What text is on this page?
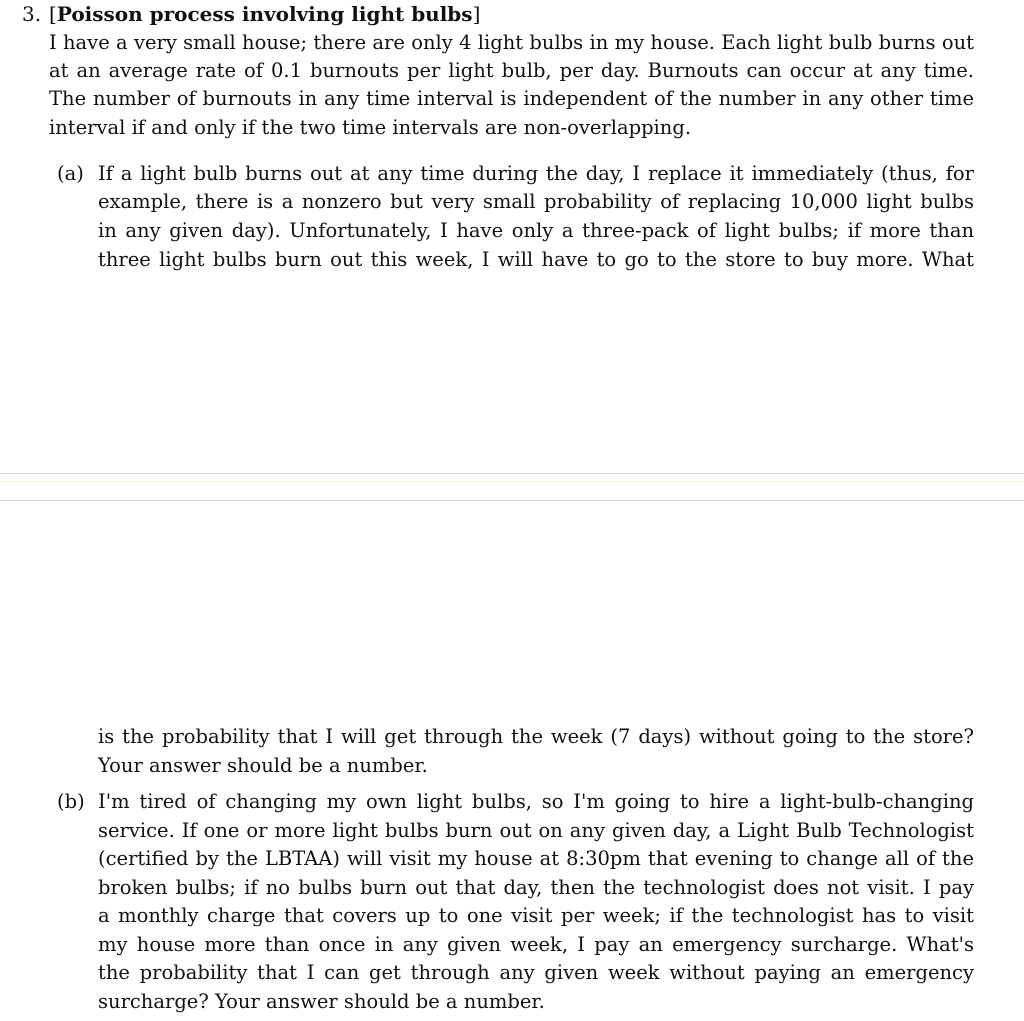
3. [Poisson process involving light bulbs]
I have a very small house; there are only 4 light bulbs in my house. Each light bulb burns out
at an average rate of 0.1 burnouts per light bulb, per day. Burnouts can occur at any time.
The number of burnouts in any time interval is independent of the number in any other time
interval if and only if the two time intervals are non-overlapping.
(a) If a light bulb burns out at any time during the day, I replace it immediately (thus, for
example, there is a nonzero but very small probability of replacing 10,000 light bulbs
in any given day). Unfortunately, I have only a three-pack of light bulbs; if more than
three light bulbs burn out this week, I will have to go to the store to buy more. What
is the probability that I will get through the week (7 days) without going to the store?
Your answer should be a number.
(b) I'm tired of changing my own light bulbs, so I'm going to hire a light-bulb-changing
service. If one or more light bulbs burn out on any given day, a Light Bulb Technologist
(certified by the LBTAA) will visit my house at 8:30pm that evening to change all of the
broken bulbs; if no bulbs burn out that day, then the technologist does not visit. I pay
a monthly charge that covers up to one visit per week; if the technologist has to visit
my house more than once in any given week, I pay an emergency surcharge. What's
the probability that I can get through any given week without paying an emergency
surcharge? Your answer should be a number.
